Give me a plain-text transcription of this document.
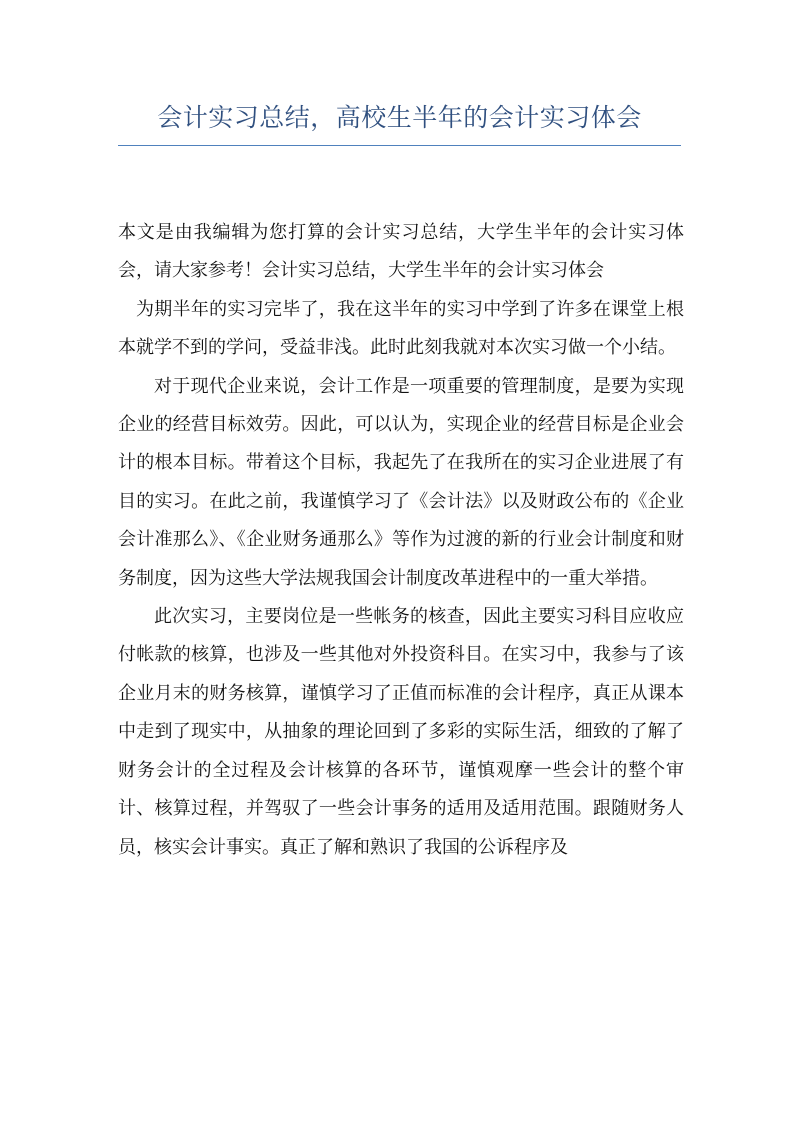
会计实习总结，高校生半年的会计实习体会

本文是由我编辑为您打算的会计实习总结，大学生半年的会计实习体会，请大家参考！会计实习总结，大学生半年的会计实习体会

为期半年的实习完毕了，我在这半年的实习中学到了许多在课堂上根本就学不到的学问，受益非浅。此时此刻我就对本次实习做一个小结。

对于现代企业来说，会计工作是一项重要的管理制度，是要为实现企业的经营目标效劳。因此，可以认为，实现企业的经营目标是企业会计的根本目标。带着这个目标，我起先了在我所在的实习企业进展了有目的实习。在此之前，我谨慎学习了《会计法》以及财政公布的《企业会计准那么》、《企业财务通那么》等作为过渡的新的行业会计制度和财务制度，因为这些大学法规我国会计制度改革进程中的一重大举措。

此次实习，主要岗位是一些帐务的核查，因此主要实习科目应收应付帐款的核算，也涉及一些其他对外投资科目。在实习中，我参与了该企业月末的财务核算，谨慎学习了正值而标准的会计程序，真正从课本中走到了现实中，从抽象的理论回到了多彩的实际生活，细致的了解了财务会计的全过程及会计核算的各环节，谨慎观摩一些会计的整个审计、核算过程，并驾驭了一些会计事务的适用及适用范围。跟随财务人员，核实会计事实。真正了解和熟识了我国的公诉程序及
